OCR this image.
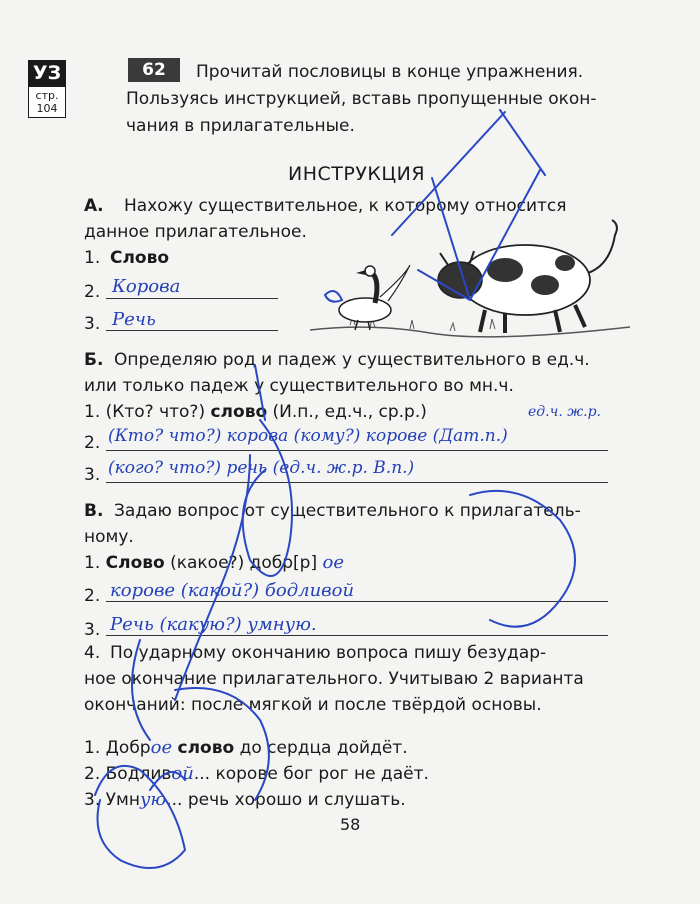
УЗ
стр.
104
62	Прочитай пословицы в конце упражнения.
Пользуясь инструкцией, вставь пропущенные окон-
чания в прилагательные.
ИНСТРУКЦИЯ
А. Нахожу существительное, к которому относится
данное прилагательное.
1. Слово
2. Корова
3. Речь
Б. Определяю род и падеж у существительного в ед.ч.
или только падеж у существительного во мн.ч.
1. (Кто? что?) слово (И.п., ед.ч., ср.р.)	ед.ч. ж.р.
2. (Кто? что?) корова (кому?) корове (Дат.п.)
3. (кого? что?) речь (ед.ч. ж.р. В.п.)
В. Задаю вопрос от существительного к прилагатель-
ному.
1. Слово (какое?) добр[р] ое
2. корове (какой?) бодливой
3. Речь (какую?) умную.
4. По ударному окончанию вопроса пишу безудар-
ное окончание прилагательного. Учитываю 2 варианта
окончаний: после мягкой и после твёрдой основы.
1. Доброе слово до сердца дойдёт.
2. Бодливой... корове бог рог не даёт.
3. Умную... речь хорошо и слушать.
58
